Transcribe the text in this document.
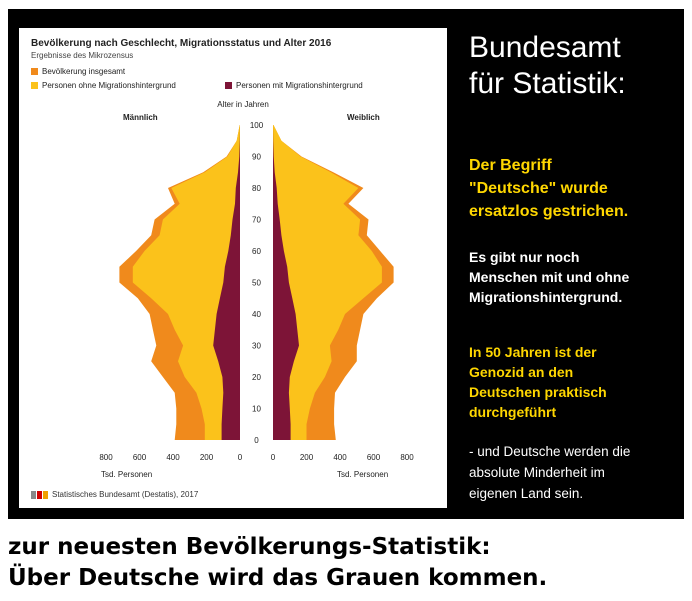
Bevölkerung nach Geschlecht, Migrationsstatus und Alter 2016
Ergebnisse des Mikrozensus
Bevölkerung insgesamt
Personen ohne Migrationshintergrund	Personen mit Migrationshintergrund
Alter in Jahren
Männlich	Weiblich
0
10
20
30
40
50
60
70
80
90
100
800	600	400	200	0	0	200	400	600	800
Tsd. Personen	Tsd. Personen
Statistisches Bundesamt (Destatis), 2017
Bundesamt
für Statistik:
Der Begriff
"Deutsche" wurde
ersatzlos gestrichen.
Es gibt nur noch
Menschen mit und ohne
Migrationshintergrund.
In 50 Jahren ist der
Genozid an den
Deutschen praktisch
durchgeführt
- und Deutsche werden die
absolute Minderheit im
eigenen Land sein.
zur neuesten Bevölkerungs-Statistik:
Über Deutsche wird das Grauen kommen.
